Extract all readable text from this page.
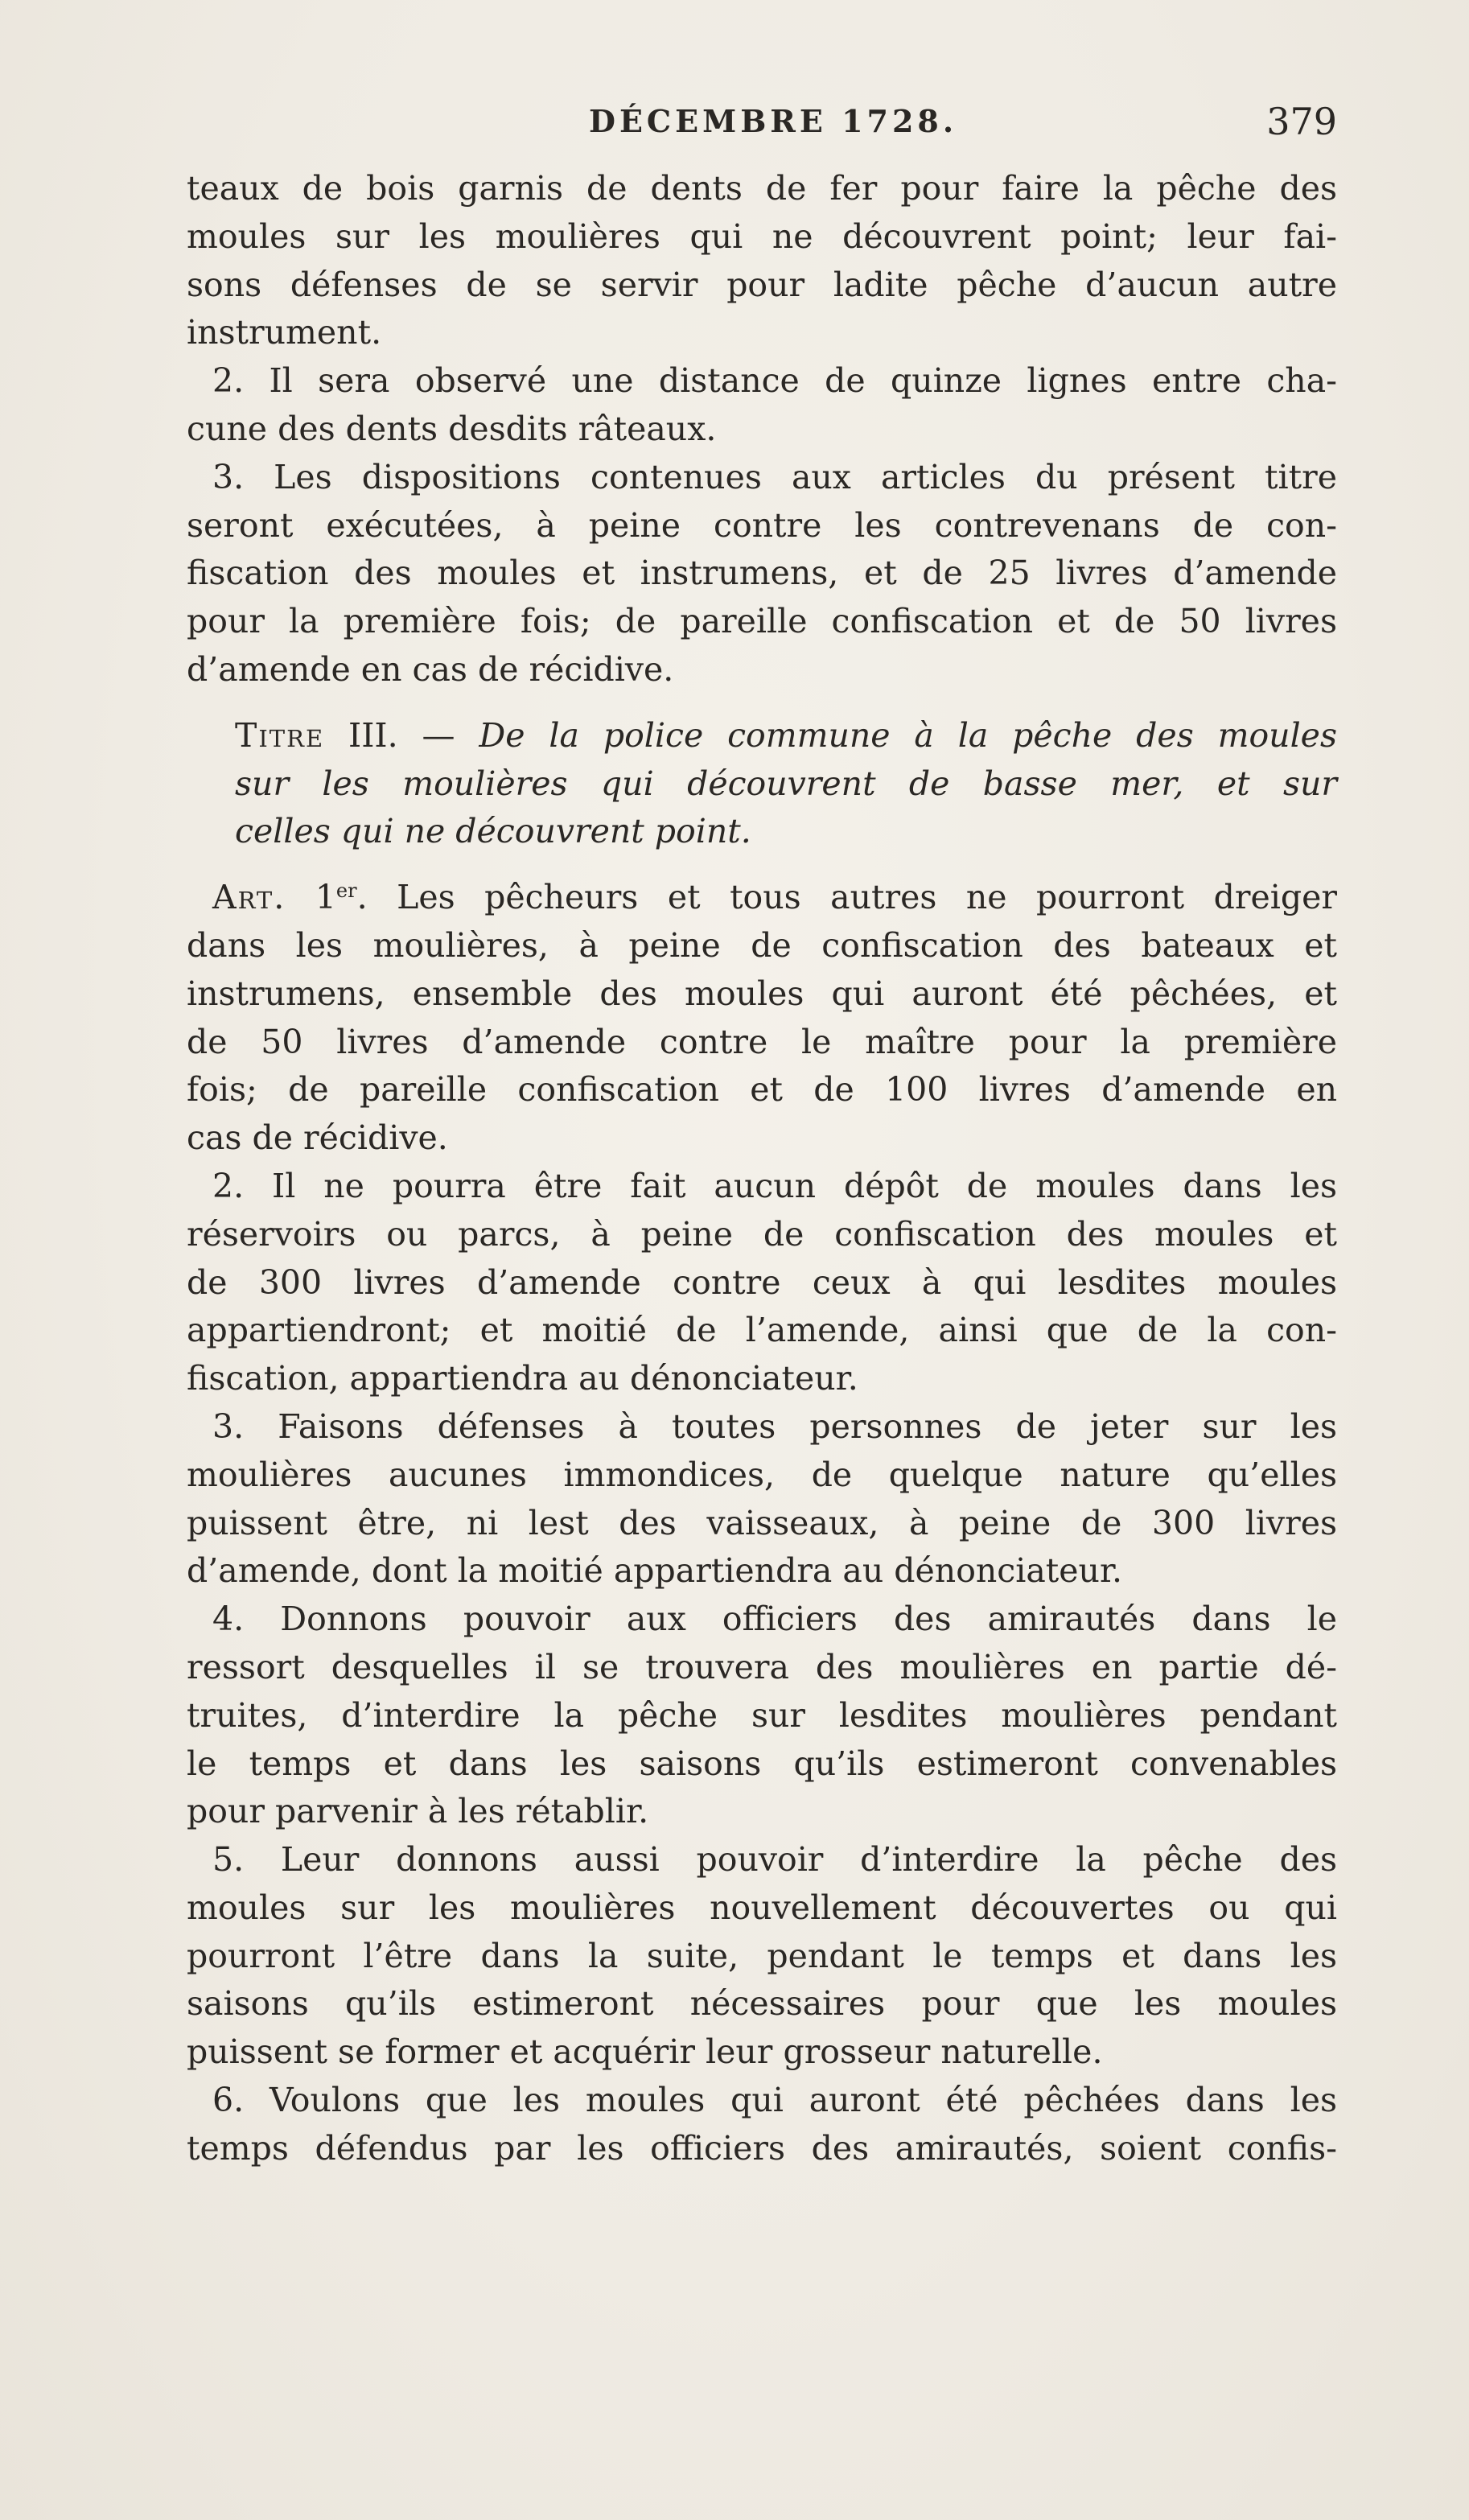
DÉCEMBRE 1728.	379
teaux de bois garnis de dents de fer pour faire la pêche des
moules sur les moulières qui ne découvrent point; leur fai-
sons défenses de se servir pour ladite pêche d’aucun autre
instrument.
2. Il sera observé une distance de quinze lignes entre cha-
cune des dents desdits râteaux.
3. Les dispositions contenues aux articles du présent titre
seront exécutées, à peine contre les contrevenans de con-
fiscation des moules et instrumens, et de 25 livres d’amende
pour la première fois; de pareille confiscation et de 50 livres
d’amende en cas de récidive.
Titre III. — De la police commune à la pêche des moules
sur les moulières qui découvrent de basse mer, et sur
celles qui ne découvrent point.
Art. 1er. Les pêcheurs et tous autres ne pourront dreiger
dans les moulières, à peine de confiscation des bateaux et
instrumens, ensemble des moules qui auront été pêchées, et
de 50 livres d’amende contre le maître pour la première
fois; de pareille confiscation et de 100 livres d’amende en
cas de récidive.
2. Il ne pourra être fait aucun dépôt de moules dans les
réservoirs ou parcs, à peine de confiscation des moules et
de 300 livres d’amende contre ceux à qui lesdites moules
appartiendront; et moitié de l’amende, ainsi que de la con-
fiscation, appartiendra au dénonciateur.
3. Faisons défenses à toutes personnes de jeter sur les
moulières aucunes immondices, de quelque nature qu’elles
puissent être, ni lest des vaisseaux, à peine de 300 livres
d’amende, dont la moitié appartiendra au dénonciateur.
4. Donnons pouvoir aux officiers des amirautés dans le
ressort desquelles il se trouvera des moulières en partie dé-
truites, d’interdire la pêche sur lesdites moulières pendant
le temps et dans les saisons qu’ils estimeront convenables
pour parvenir à les rétablir.
5. Leur donnons aussi pouvoir d’interdire la pêche des
moules sur les moulières nouvellement découvertes ou qui
pourront l’être dans la suite, pendant le temps et dans les
saisons qu’ils estimeront nécessaires pour que les moules
puissent se former et acquérir leur grosseur naturelle.
6. Voulons que les moules qui auront été pêchées dans les
temps défendus par les officiers des amirautés, soient confis-
